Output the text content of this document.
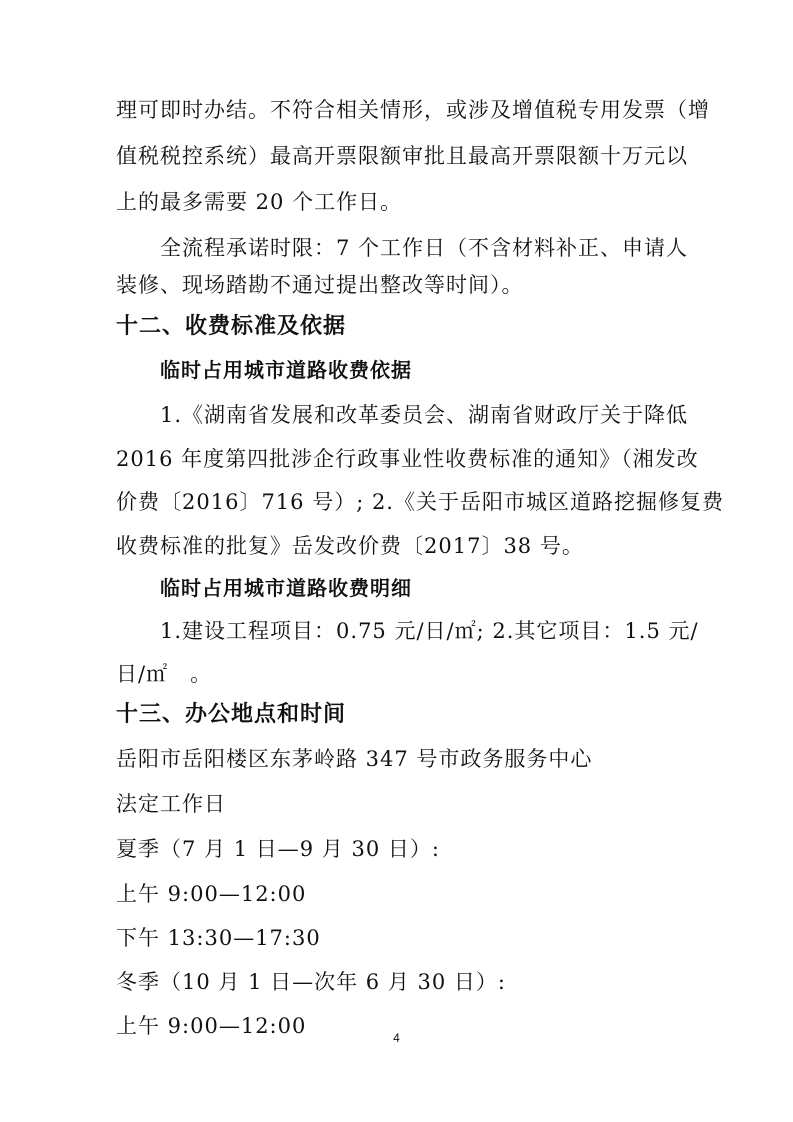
理可即时办结。不符合相关情形，或涉及增值税专用发票（增
值税税控系统）最高开票限额审批且最高开票限额十万元以
上的最多需要 20 个工作日。
全流程承诺时限：7 个工作日（不含材料补正、申请人
装修、现场踏勘不通过提出整改等时间）。
十二、收费标准及依据
临时占用城市道路收费依据
1.《湖南省发展和改革委员会、湖南省财政厅关于降低
2016 年度第四批涉企行政事业性收费标准的通知》（湘发改
价费〔2016〕716 号）; 2.《关于岳阳市城区道路挖掘修复费
收费标准的批复》岳发改价费〔2017〕38 号。
临时占用城市道路收费明细
1.建设工程项目：0.75 元/日/㎡; 2.其它项目：1.5 元/
日/㎡　。
十三、办公地点和时间
岳阳市岳阳楼区东茅岭路 347 号市政务服务中心
法定工作日
夏季（7 月 1 日—9 月 30 日）:
上午 9:00—12:00
下午 13:30—17:30
冬季（10 月 1 日—次年 6 月 30 日）:
上午 9:00—12:00	4
